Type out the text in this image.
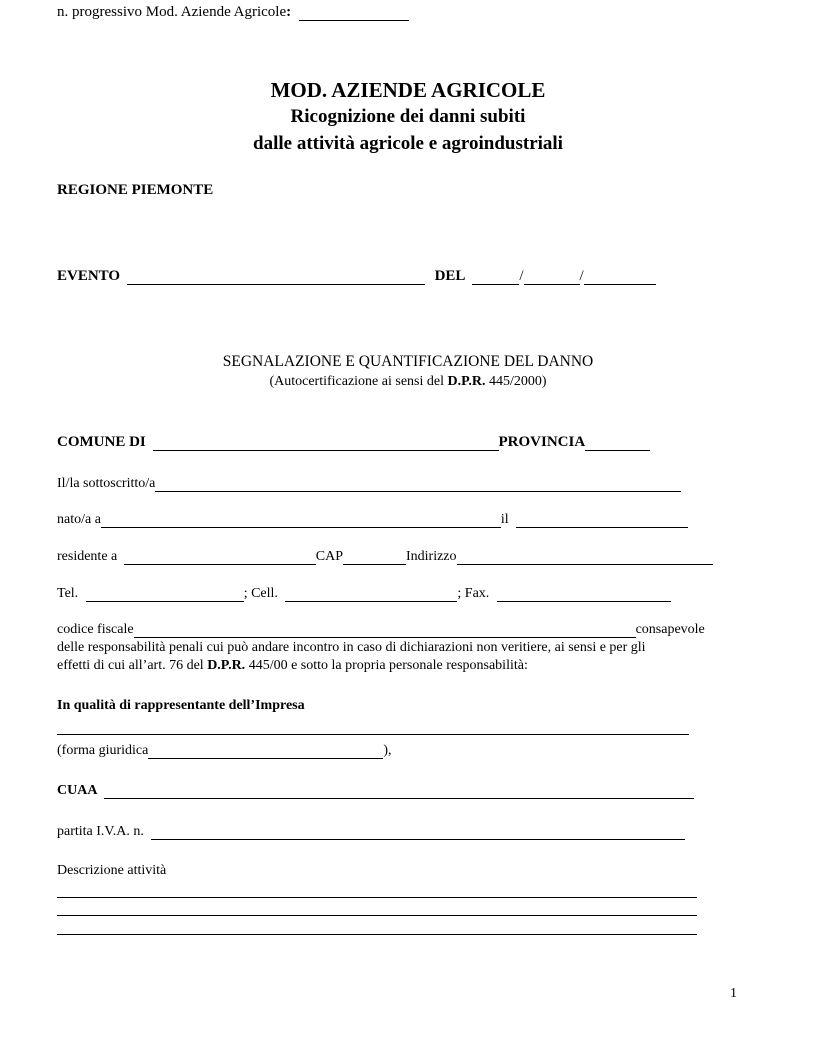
n. progressivo Mod. Aziende Agricole:
MOD. AZIENDE AGRICOLE
Ricognizione dei danni subiti
dalle attività agricole e agroindustriali
REGIONE PIEMONTE
EVENTO	DEL	/	/
SEGNALAZIONE E QUANTIFICAZIONE DEL DANNO
(Autocertificazione ai sensi del D.P.R. 445/2000)
COMUNE DI	PROVINCIA
Il/la sottoscritto/a
nato/a a	il
residente a	CAP	Indirizzo
Tel.	; Cell.	; Fax.
codice fiscale	consapevole
delle responsabilità penali cui può andare incontro in caso di dichiarazioni non veritiere, ai sensi e per gli
effetti di cui all’art. 76 del D.P.R. 445/00 e sotto la propria personale responsabilità:
In qualità di rappresentante dell’Impresa
(forma giuridica	),
CUAA
partita I.V.A. n.
Descrizione attività
1
